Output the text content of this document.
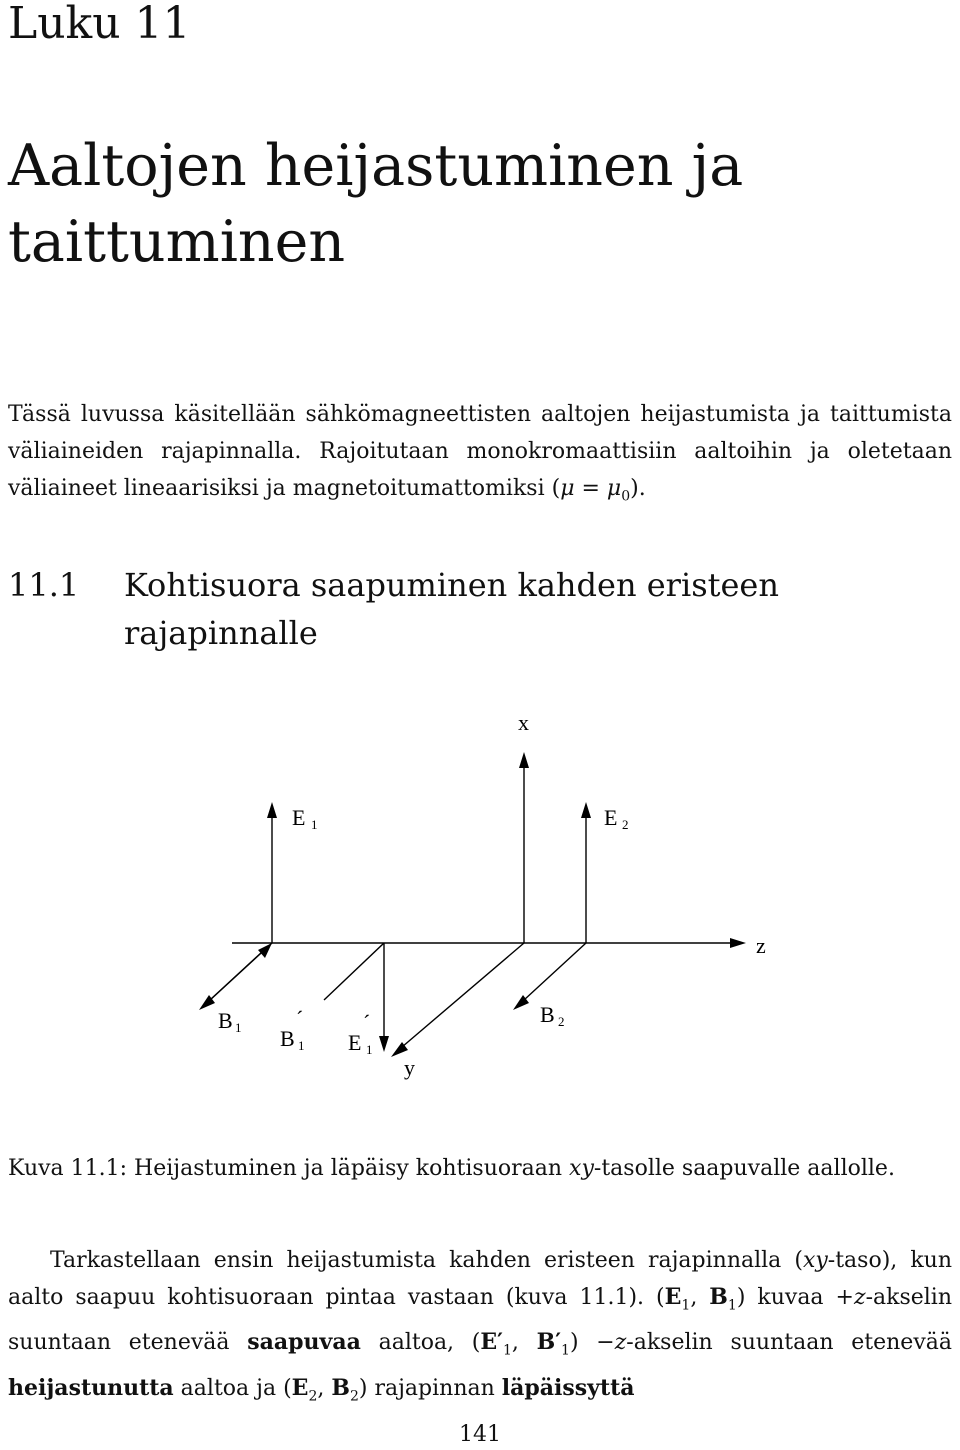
Luku 11
Aaltojen heijastuminen ja
taittuminen
Tässä luvussa käsitellään sähkömagneettisten aaltojen heijastumista ja taittumista väliaineiden rajapinnalla. Rajoitutaan monokromaattisiin aaltoihin ja oletetaan väliaineet lineaarisiksi ja magnetoitumattomiksi $(\mu = \mu_0)$.
11.1 Kohtisuora saapuminen kahden eristeen rajapinnalle
x
z
y
E 1	E 2
B 1 B
´
1 E
´
1
B 2
Kuva 11.1: Heijastuminen ja läpäisy kohtisuoraan xy-tasolle saapuvalle aallolle.
Tarkastellaan ensin heijastumista kahden eristeen rajapinnalla (xy-taso), kun aalto saapuu kohtisuoraan pintaa vastaan (kuva 11.1). ($E_1$, $B_1$) kuvaa +z-akselin suuntaan etenevää saapuvaa aaltoa, ($E'_1$, $B'_1$) −z-akselin suuntaan etenevää heijastunutta aaltoa ja ($E_2$, $B_2$) rajapinnan läpäissyttä
141
